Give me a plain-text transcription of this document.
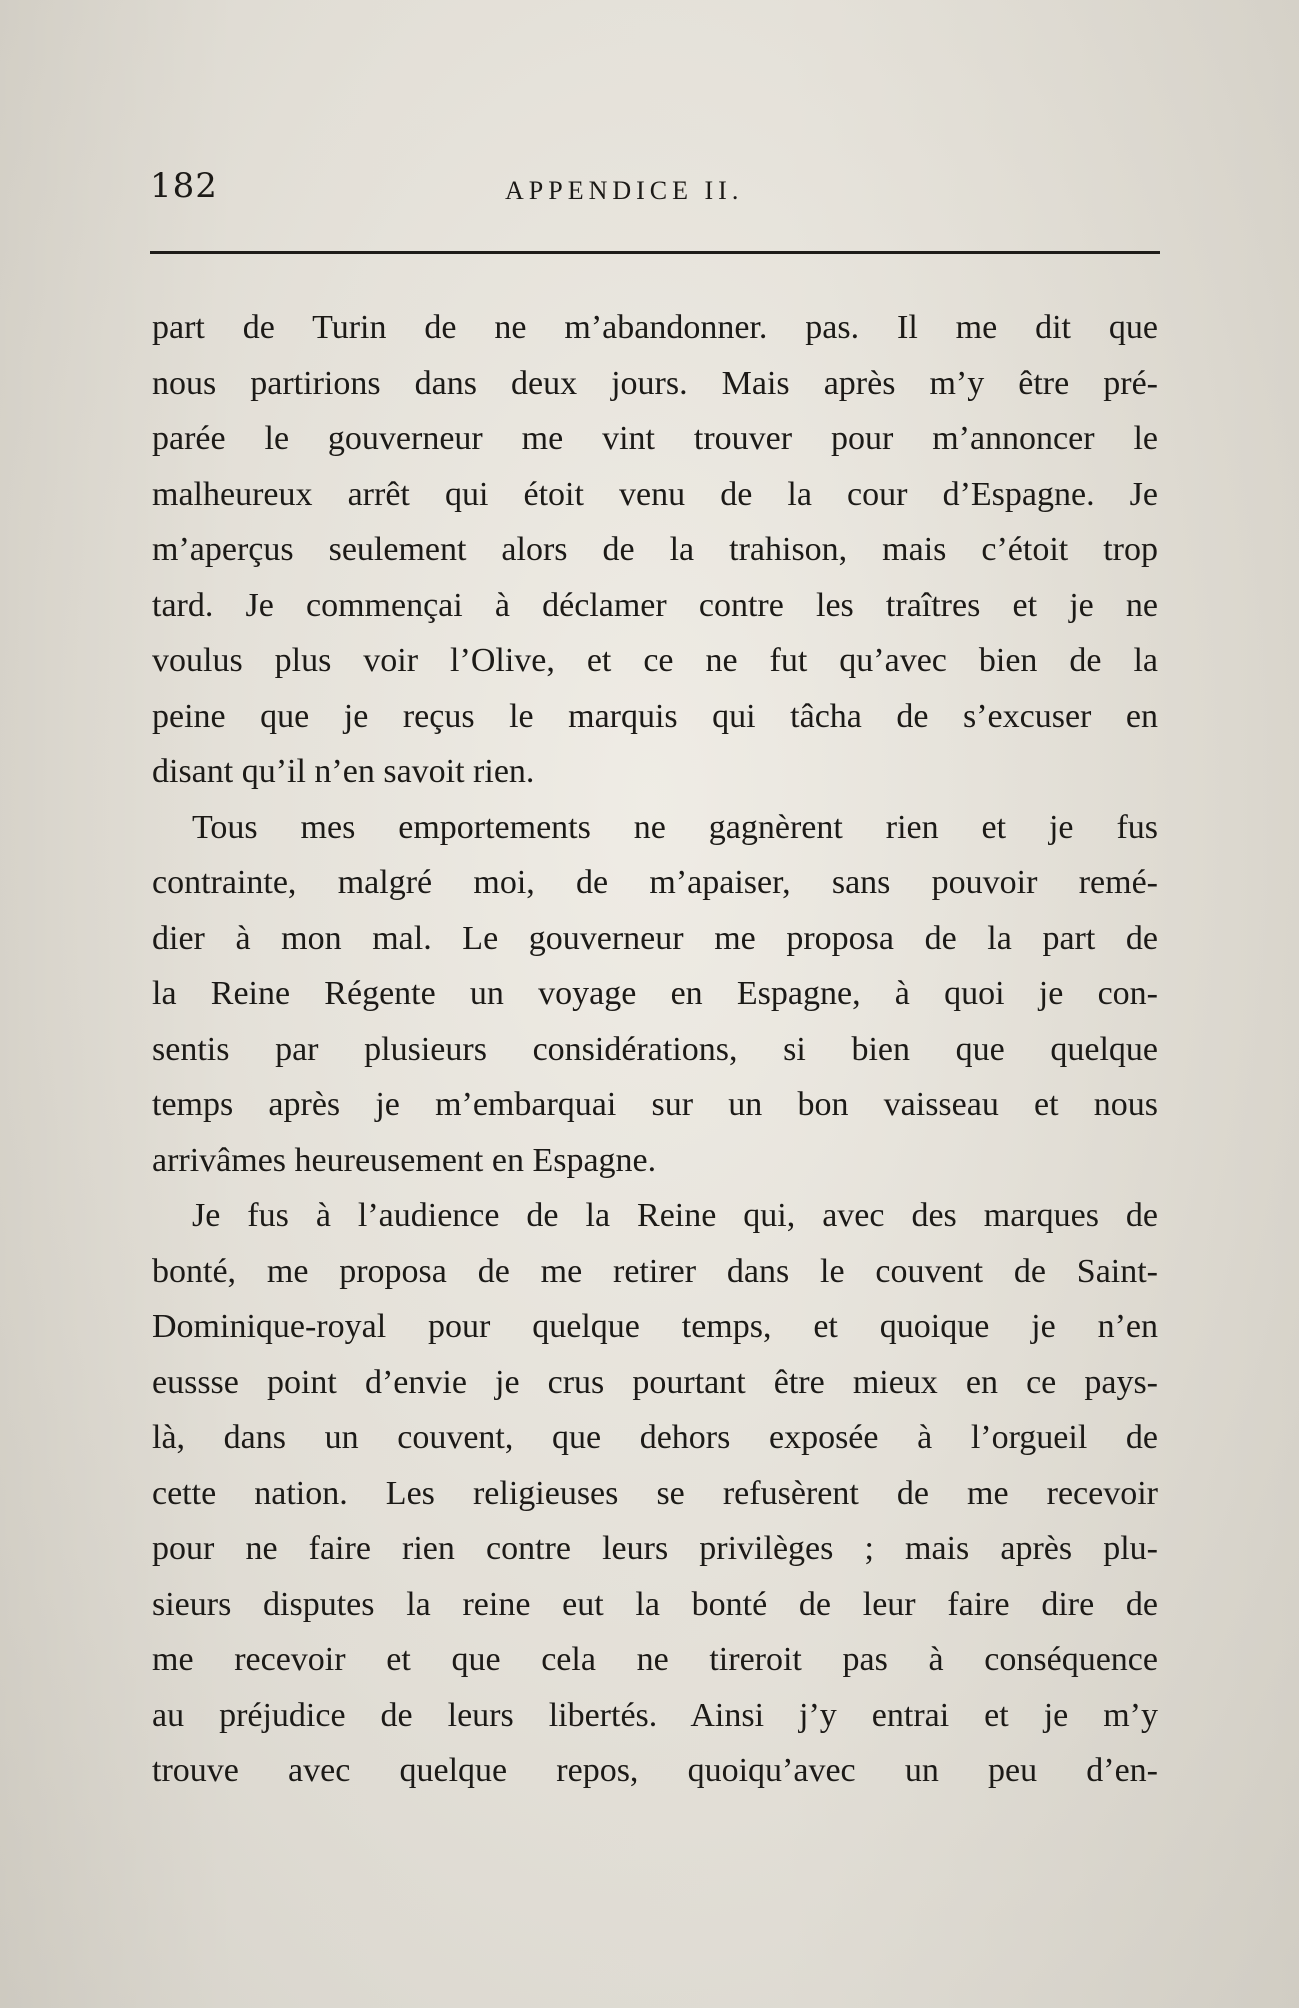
182	APPENDICE II.
part de Turin de ne m’abandonner. pas. Il me dit que
nous partirions dans deux jours. Mais après m’y être pré-
parée le gouverneur me vint trouver pour m’annoncer le
malheureux arrêt qui étoit venu de la cour d’Espagne. Je
m’aperçus seulement alors de la trahison, mais c’étoit trop
tard. Je commençai à déclamer contre les traîtres et je ne
voulus plus voir l’Olive, et ce ne fut qu’avec bien de la
peine que je reçus le marquis qui tâcha de s’excuser en
disant qu’il n’en savoit rien.
Tous mes emportements ne gagnèrent rien et je fus
contrainte, malgré moi, de m’apaiser, sans pouvoir remé-
dier à mon mal. Le gouverneur me proposa de la part de
la Reine Régente un voyage en Espagne, à quoi je con-
sentis par plusieurs considérations, si bien que quelque
temps après je m’embarquai sur un bon vaisseau et nous
arrivâmes heureusement en Espagne.
Je fus à l’audience de la Reine qui, avec des marques de
bonté, me proposa de me retirer dans le couvent de Saint-
Dominique-royal pour quelque temps, et quoique je n’en
eussse point d’envie je crus pourtant être mieux en ce pays-
là, dans un couvent, que dehors exposée à l’orgueil de
cette nation. Les religieuses se refusèrent de me recevoir
pour ne faire rien contre leurs privilèges ; mais après plu-
sieurs disputes la reine eut la bonté de leur faire dire de
me recevoir et que cela ne tireroit pas à conséquence
au préjudice de leurs libertés. Ainsi j’y entrai et je m’y
trouve avec quelque repos, quoiqu’avec un peu d’en-
